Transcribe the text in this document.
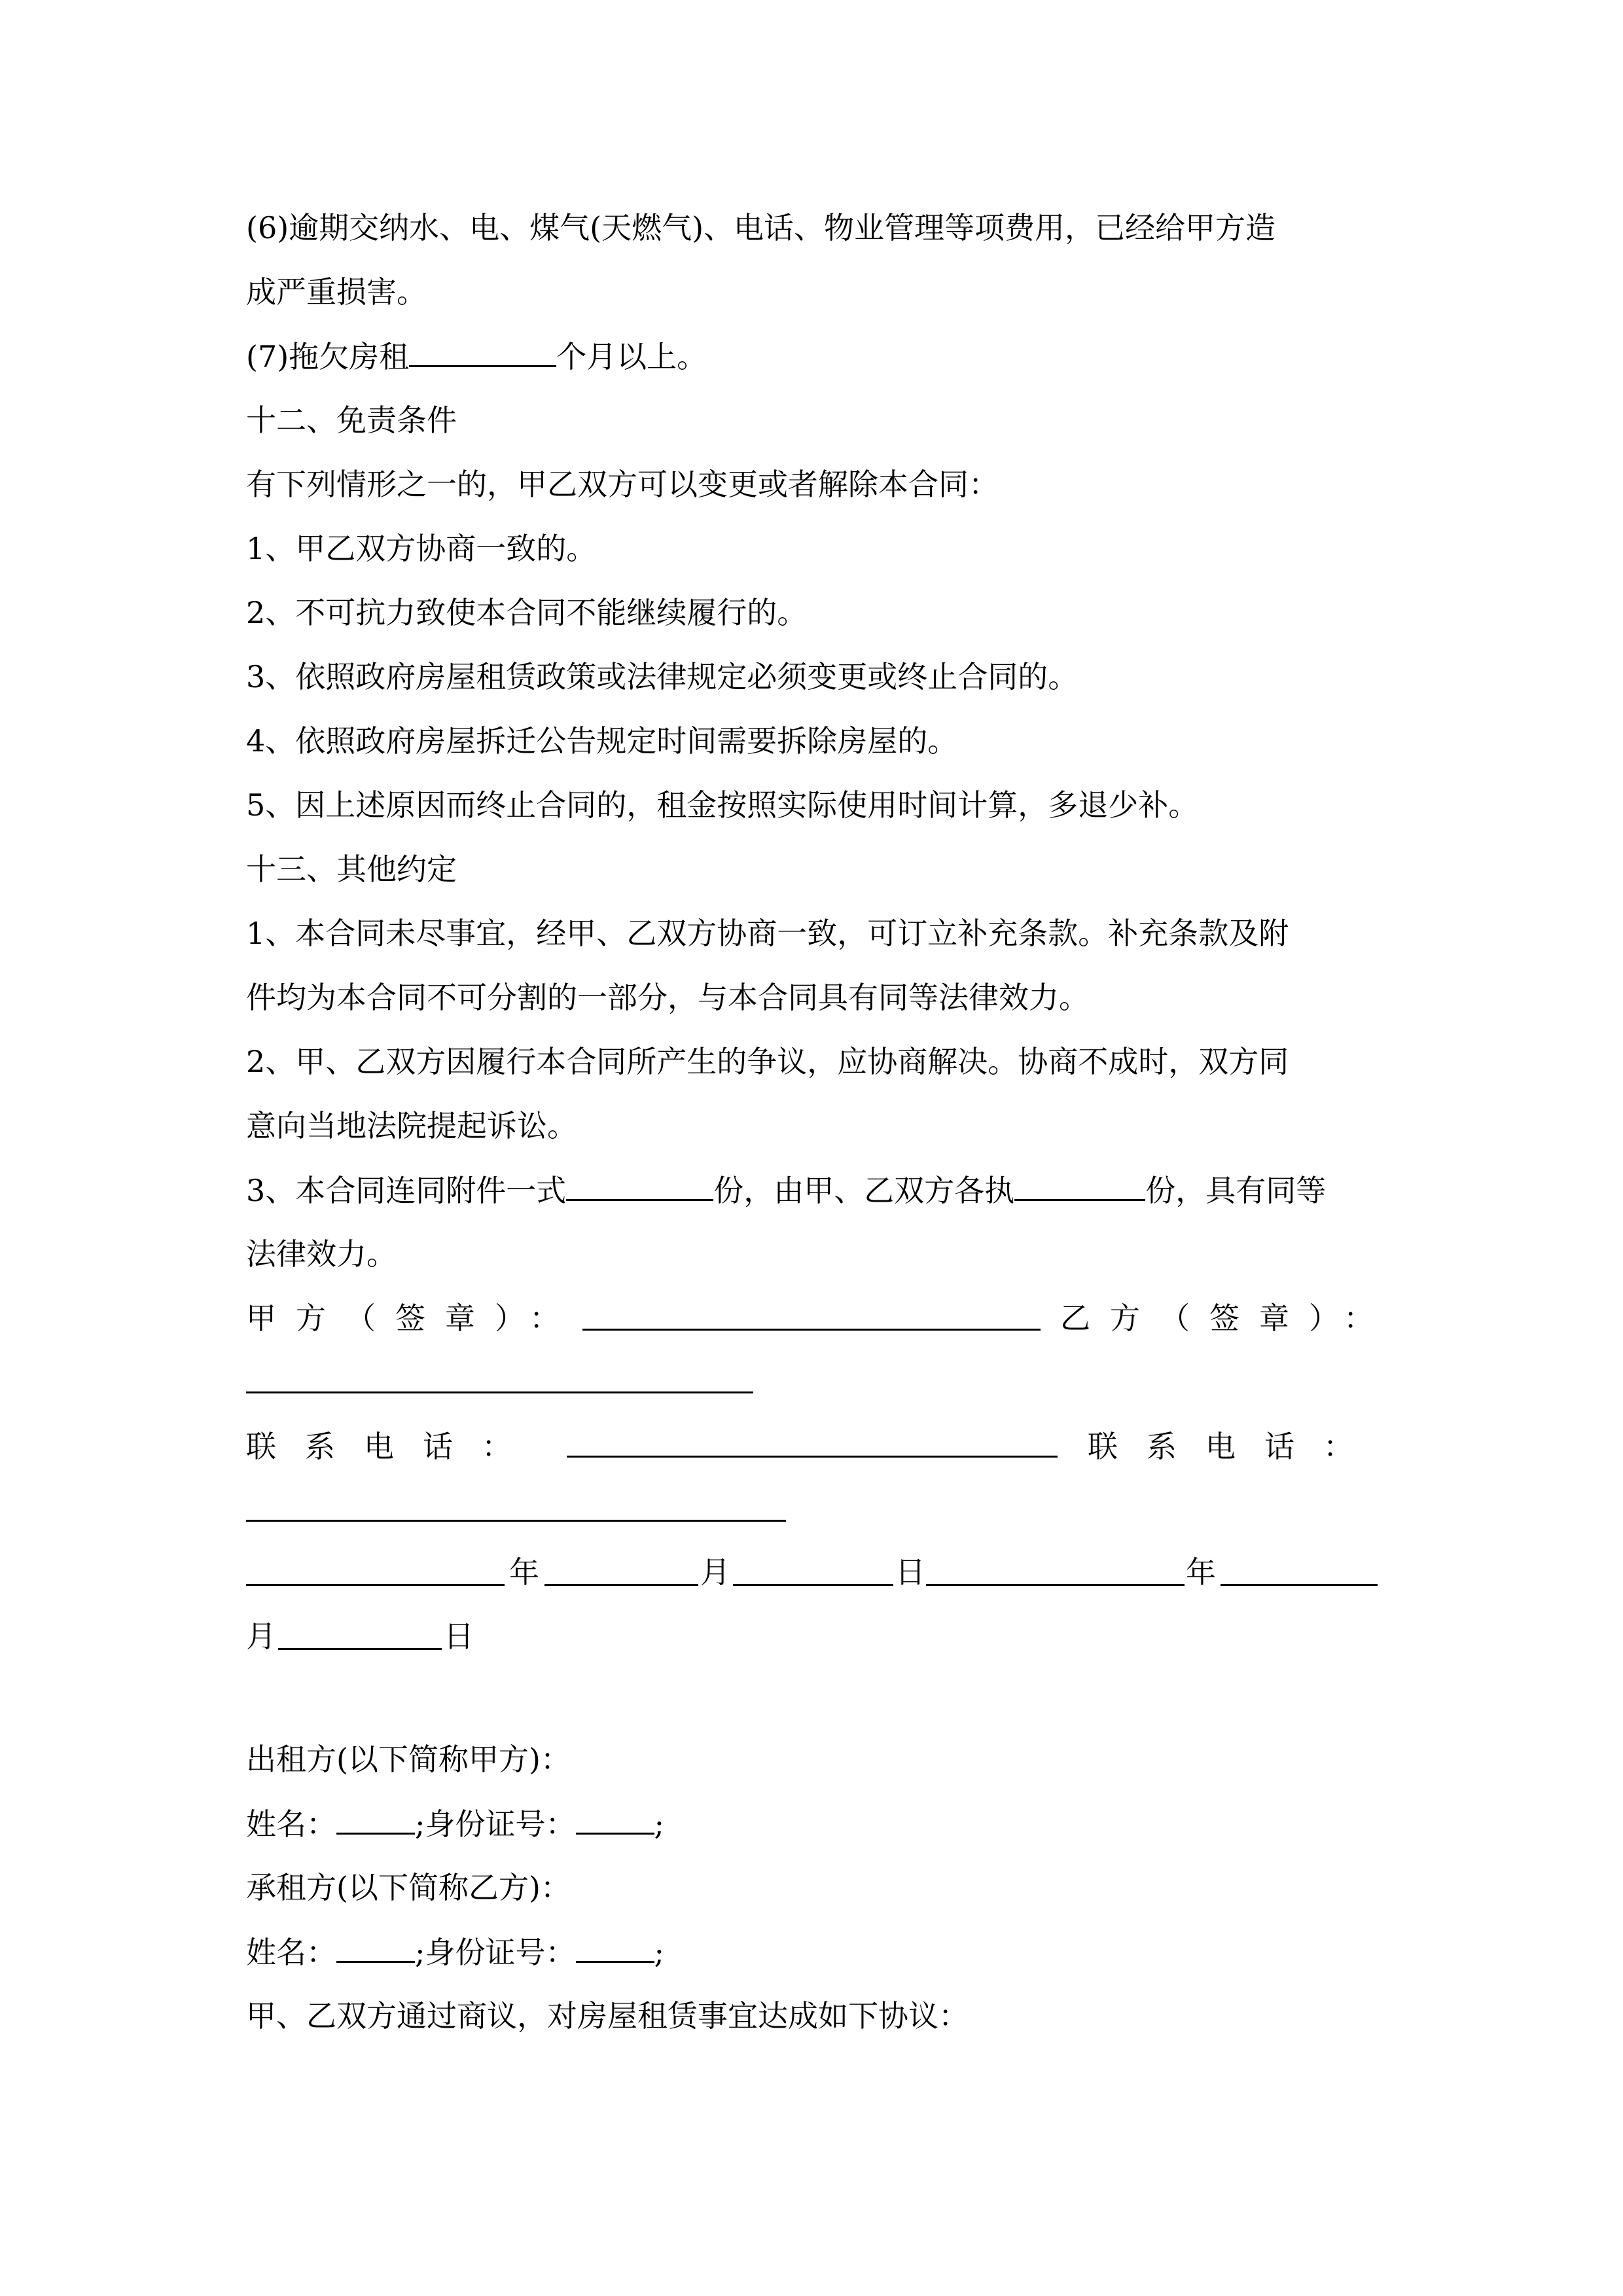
(6)逾期交纳水、电、煤气(天燃气)、电话、物业管理等项费用，已经给甲方造
成严重损害。
(7)拖欠房租	个月以上。
十二、免责条件
有下列情形之一的，甲乙双方可以变更或者解除本合同：
1、甲乙双方协商一致的。
2、不可抗力致使本合同不能继续履行的。
3、依照政府房屋租赁政策或法律规定必须变更或终止合同的。
4、依照政府房屋拆迁公告规定时间需要拆除房屋的。
5、因上述原因而终止合同的，租金按照实际使用时间计算，多退少补。
十三、其他约定
1、本合同未尽事宜，经甲、乙双方协商一致，可订立补充条款。补充条款及附
件均为本合同不可分割的一部分，与本合同具有同等法律效力。
2、甲、乙双方因履行本合同所产生的争议，应协商解决。协商不成时，双方同
意向当地法院提起诉讼。
3、本合同连同附件一式	份，由甲、乙双方各执	份，具有同等
法律效力。
甲方（签章）：	乙方（签章）：
联系电话：	联系电话：
年	月	日	年
月	日
出租方(以下简称甲方)：
姓名：	;身份证号：	;
承租方(以下简称乙方)：
姓名：	;身份证号：	;
甲、乙双方通过商议，对房屋租赁事宜达成如下协议：
